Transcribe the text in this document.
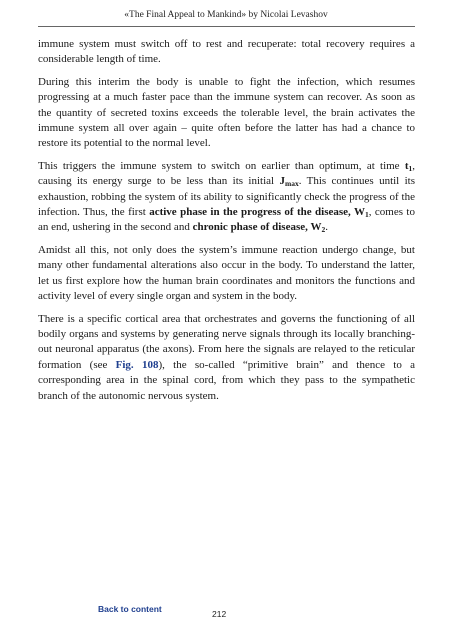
«The Final Appeal to Mankind» by Nicolai Levashov

immune system must switch off to rest and recuperate: total recovery requires a considerable length of time.

During this interim the body is unable to fight the infection, which resumes progressing at a much faster pace than the immune system can recover. As soon as the quantity of secreted toxins exceeds the tolerable level, the brain activates the immune system all over again – quite often before the latter has had a chance to restore its potential to the normal level.

This triggers the immune system to switch on earlier than optimum, at time $t_1$, causing its energy surge to be less than its initial $J_{max}$. This continues until its exhaustion, robbing the system of its ability to significantly check the progress of the infection. Thus, the first active phase in the progress of the disease, $W_1$, comes to an end, ushering in the second and chronic phase of disease, $W_2$.

Amidst all this, not only does the system’s immune reaction undergo change, but many other fundamental alterations also occur in the body. To understand the latter, let us first explore how the human brain coordinates and monitors the functions and activity level of every single organ and system in the body.

There is a specific cortical area that orchestrates and governs the functioning of all bodily organs and systems by generating nerve signals through its locally branching-out neuronal apparatus (the axons). From here the signals are relayed to the reticular formation (see Fig. 108), the so-called “primitive brain” and thence to a corresponding area in the spinal cord, from which they pass to the sympathetic branch of the autonomic nervous system.

Back to content	212
